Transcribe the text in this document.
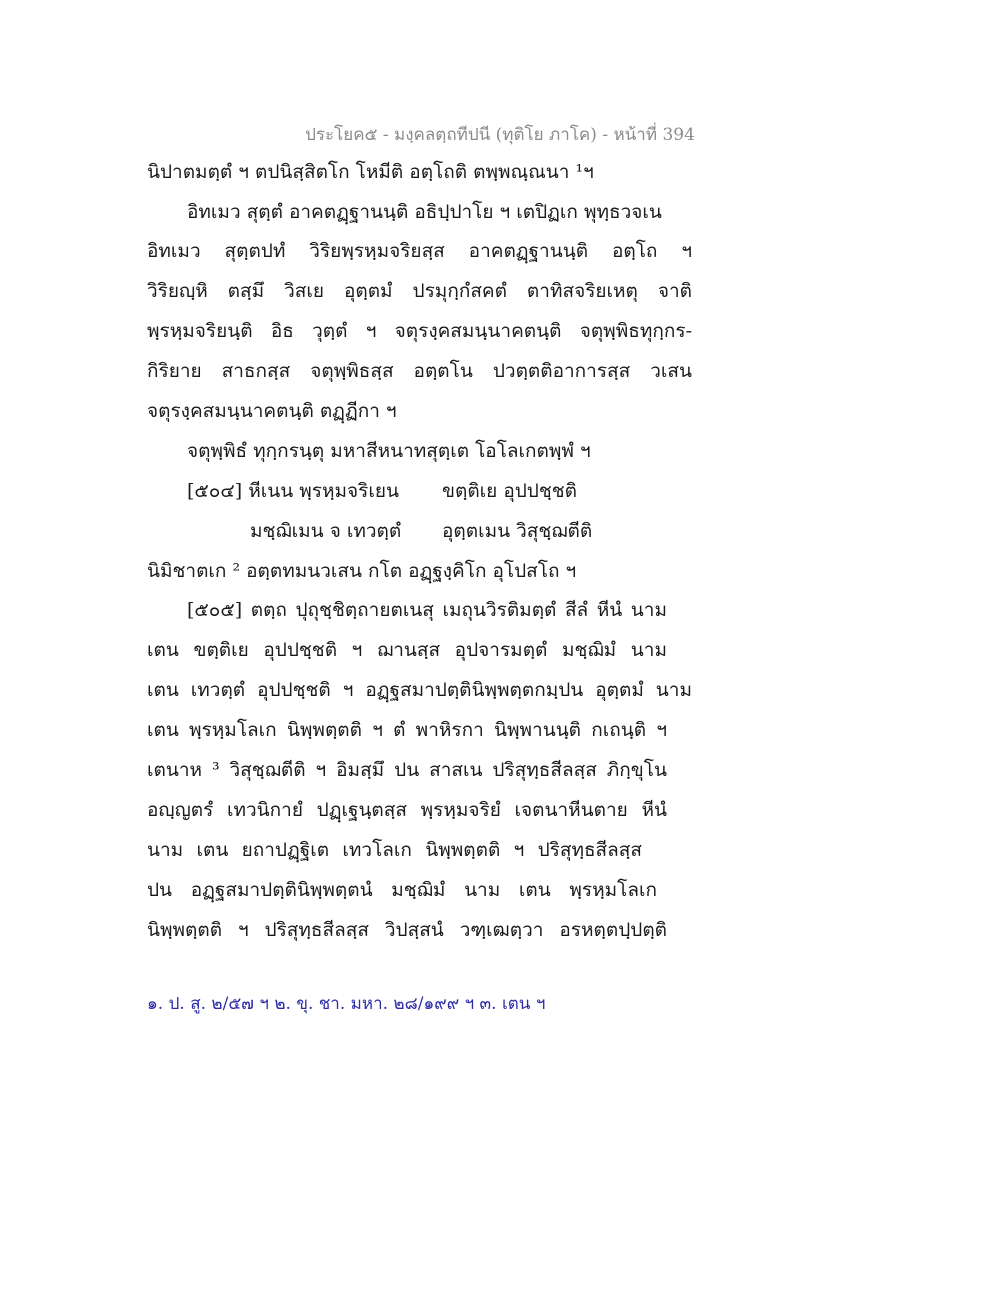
ประโยค๕ - มงฺคลตฺถทีปนี (ทุติโย ภาโค) - หน้าที่ 394
นิปาตมตฺตํ ฯ ตปนิสฺสิตโก โหมีติ อตฺโถติ ตพฺพณฺณนา ¹ฯ
อิทเมว สุตฺตํ อาคตฏฺฐานนฺติ อธิปฺปาโย ฯ เตปิฏเก พุทฺธวจเน
อิทเมว สุตฺตปทํ วิริยพฺรหฺมจริยสฺส อาคตฏฺฐานนฺติ อตฺโถ ฯ
วิริยญฺหิ ตสฺมึ วิสเย อุตฺตมํ ปรมุกฺกํสคตํ ตาทิสจริยเหตุ จาติ
พฺรหฺมจริยนฺติ อิธ วุตฺตํ ฯ จตุรงฺคสมนฺนาคตนฺติ จตุพฺพิธทุกฺกร-
กิริยาย สาธกสฺส จตุพฺพิธสฺส อตฺตโน ปวตฺตติอาการสฺส วเสน
จตุรงฺคสมนฺนาคตนฺติ ตฏฺฏีกา ฯ
จตุพฺพิธํ ทุกฺกรนฺตุ มหาสีหนาทสุตฺเต โอโลเกตพฺพํ ฯ
[๕๐๔] หีเนน พฺรหฺมจริเยน ขตฺติเย อุปปชฺชติ
มชฺฌิเมน จ เทวตฺตํ อุตฺตเมน วิสุชฺฌตีติ
นิมิชาตเก ² อตฺตทมนวเสน กโต อฏฺฐงฺคิโก อุโปสโถ ฯ
[๕๐๕] ตตฺถ ปุถุชฺชิตฺถายตเนสุ เมถุนวิรติมตฺตํ สีลํ หีนํ นาม
เตน ขตฺติเย อุปปชฺชติ ฯ ฌานสฺส อุปจารมตฺตํ มชฺฌิมํ นาม
เตน เทวตฺตํ อุปปชฺชติ ฯ อฏฺฐสมาปตฺตินิพฺพตฺตกมฺปน อุตฺตมํ นาม
เตน พฺรหฺมโลเก นิพฺพตฺตติ ฯ ตํ พาหิรกา นิพฺพานนฺติ กเถนฺติ ฯ
เตนาห ³ วิสุชฺฌตีติ ฯ อิมสฺมึ ปน สาสเน ปริสุทฺธสีลสฺส ภิกฺขุโน
อญฺญตรํ เทวนิกายํ ปฏฺเฐนฺตสฺส พฺรหฺมจริยํ เจตนาหีนตาย หีนํ
นาม เตน ยถาปฏฺฐิเต เทวโลเก นิพฺพตฺตติ ฯ ปริสุทฺธสีลสฺส
ปน อฏฺฐสมาปตฺตินิพฺพตฺตนํ มชฺฌิมํ นาม เตน พฺรหฺมโลเก
นิพฺพตฺตติ ฯ ปริสุทฺธสีลสฺส วิปสฺสนํ วฑฺเฒตฺวา อรหตฺตปฺปตฺติ
๑. ป. สู. ๒/๕๗ ฯ ๒. ขุ. ชา. มหา. ๒๘/๑๙๙ ฯ ๓. เตน ฯ
